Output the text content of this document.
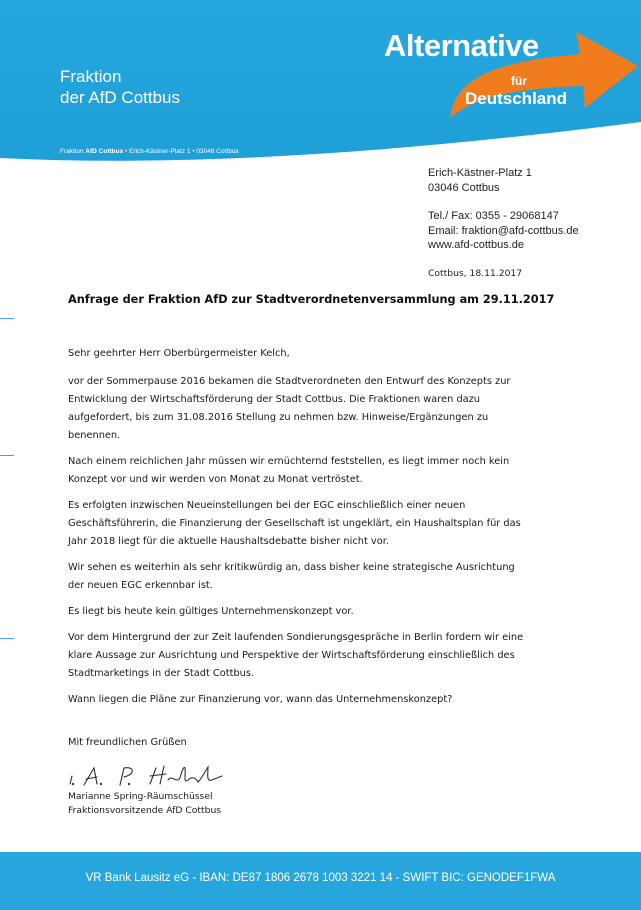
Fraktion
der AfD Cottbus
Fraktion AfD Cottbus • Erich-Kästner-Platz 1 • 03046 Cottbus
Alternative
für
Deutschland
Erich-Kästner-Platz 1
03046 Cottbus
Tel./ Fax: 0355 - 29068147
Email: fraktion@afd-cottbus.de
www.afd-cottbus.de
Cottbus, 18.11.2017
Anfrage der Fraktion AfD zur Stadtverordnetenversammlung am 29.11.2017

Sehr geehrter Herr Oberbürgermeister Kelch,

vor der Sommerpause 2016 bekamen die Stadtverordneten den Entwurf des Konzepts zur
Entwicklung der Wirtschaftsförderung der Stadt Cottbus. Die Fraktionen waren dazu
aufgefordert, bis zum 31.08.2016 Stellung zu nehmen bzw. Hinweise/Ergänzungen zu
benennen.

Nach einem reichlichen Jahr müssen wir ernüchternd feststellen, es liegt immer noch kein
Konzept vor und wir werden von Monat zu Monat vertröstet.

Es erfolgten inzwischen Neueinstellungen bei der EGC einschließlich einer neuen
Geschäftsführerin, die Finanzierung der Gesellschaft ist ungeklärt, ein Haushaltsplan für das
Jahr 2018 liegt für die aktuelle Haushaltsdebatte bisher nicht vor.

Wir sehen es weiterhin als sehr kritikwürdig an, dass bisher keine strategische Ausrichtung
der neuen EGC erkennbar ist.

Es liegt bis heute kein gültiges Unternehmenskonzept vor.

Vor dem Hintergrund der zur Zeit laufenden Sondierungsgespräche in Berlin fordern wir eine
klare Aussage zur Ausrichtung und Perspektive der Wirtschaftsförderung einschließlich des
Stadtmarketings in der Stadt Cottbus.

Wann liegen die Pläne zur Finanzierung vor, wann das Unternehmenskonzept?

Mit freundlichen Grüßen
Marianne Spring-Räumschüssel
Fraktionsvorsitzende AfD Cottbus
VR Bank Lausitz eG - IBAN: DE87 1806 2678 1003 3221 14 - SWIFT BIC: GENODEF1FWA
